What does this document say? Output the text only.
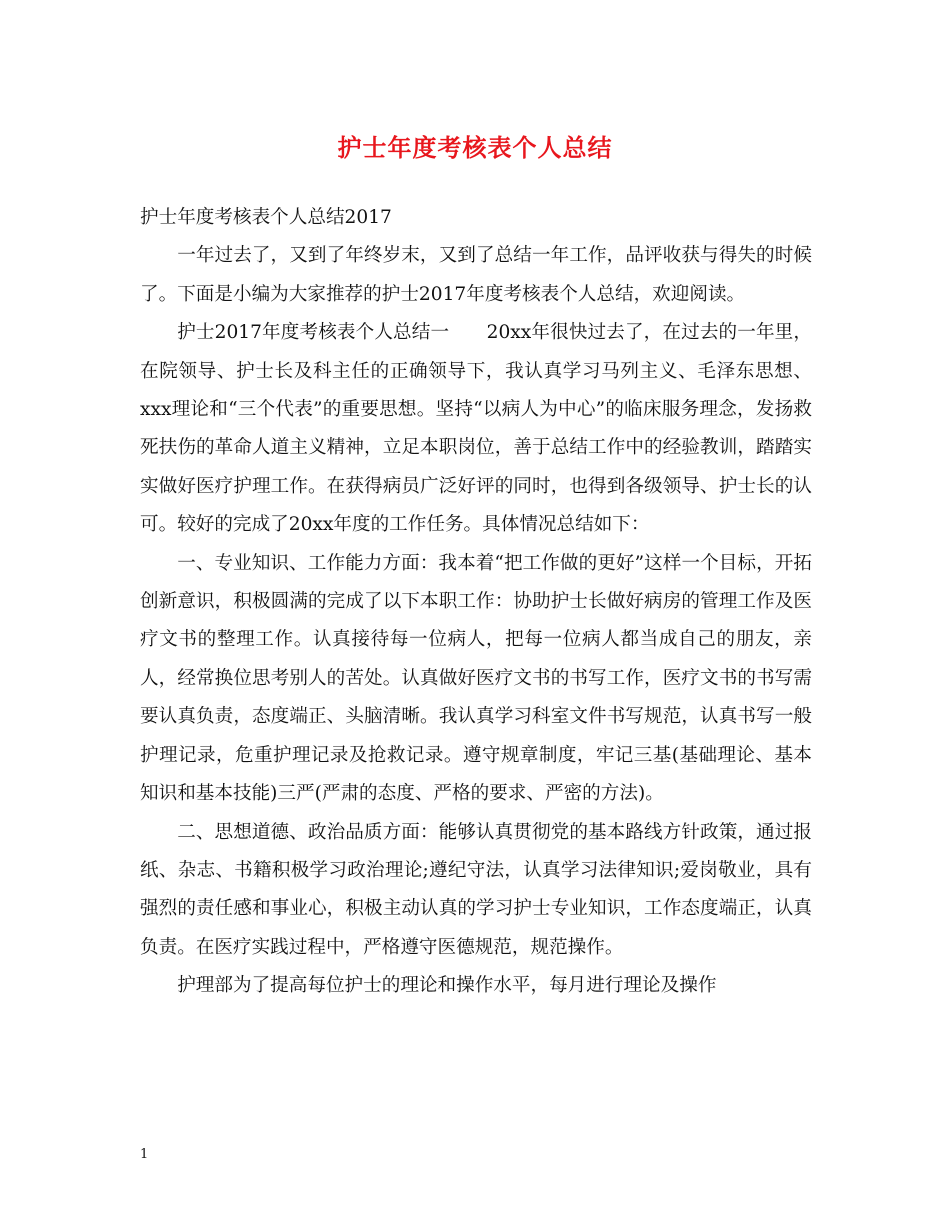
护士年度考核表个人总结

护士年度考核表个人总结2017

一年过去了，又到了年终岁末，又到了总结一年工作，品评收获与得失的时候了。下面是小编为大家推荐的护士2017年度考核表个人总结，欢迎阅读。

护士2017年度考核表个人总结一　　20xx年很快过去了，在过去的一年里，在院领导、护士长及科主任的正确领导下，我认真学习马列主义、毛泽东思想、xxx理论和“三个代表”的重要思想。坚持“以病人为中心”的临床服务理念，发扬救死扶伤的革命人道主义精神，立足本职岗位，善于总结工作中的经验教训，踏踏实实做好医疗护理工作。在获得病员广泛好评的同时，也得到各级领导、护士长的认可。较好的完成了20xx年度的工作任务。具体情况总结如下：

一、专业知识、工作能力方面：我本着“把工作做的更好”这样一个目标，开拓创新意识，积极圆满的完成了以下本职工作：协助护士长做好病房的管理工作及医疗文书的整理工作。认真接待每一位病人，把每一位病人都当成自己的朋友，亲人，经常换位思考别人的苦处。认真做好医疗文书的书写工作，医疗文书的书写需要认真负责，态度端正、头脑清晰。我认真学习科室文件书写规范，认真书写一般护理记录，危重护理记录及抢救记录。遵守规章制度，牢记三基(基础理论、基本知识和基本技能)三严(严肃的态度、严格的要求、严密的方法)。

二、思想道德、政治品质方面：能够认真贯彻党的基本路线方针政策，通过报纸、杂志、书籍积极学习政治理论;遵纪守法，认真学习法律知识;爱岗敬业，具有强烈的责任感和事业心，积极主动认真的学习护士专业知识，工作态度端正，认真负责。在医疗实践过程中，严格遵守医德规范，规范操作。

护理部为了提高每位护士的理论和操作水平，每月进行理论及操作

1
